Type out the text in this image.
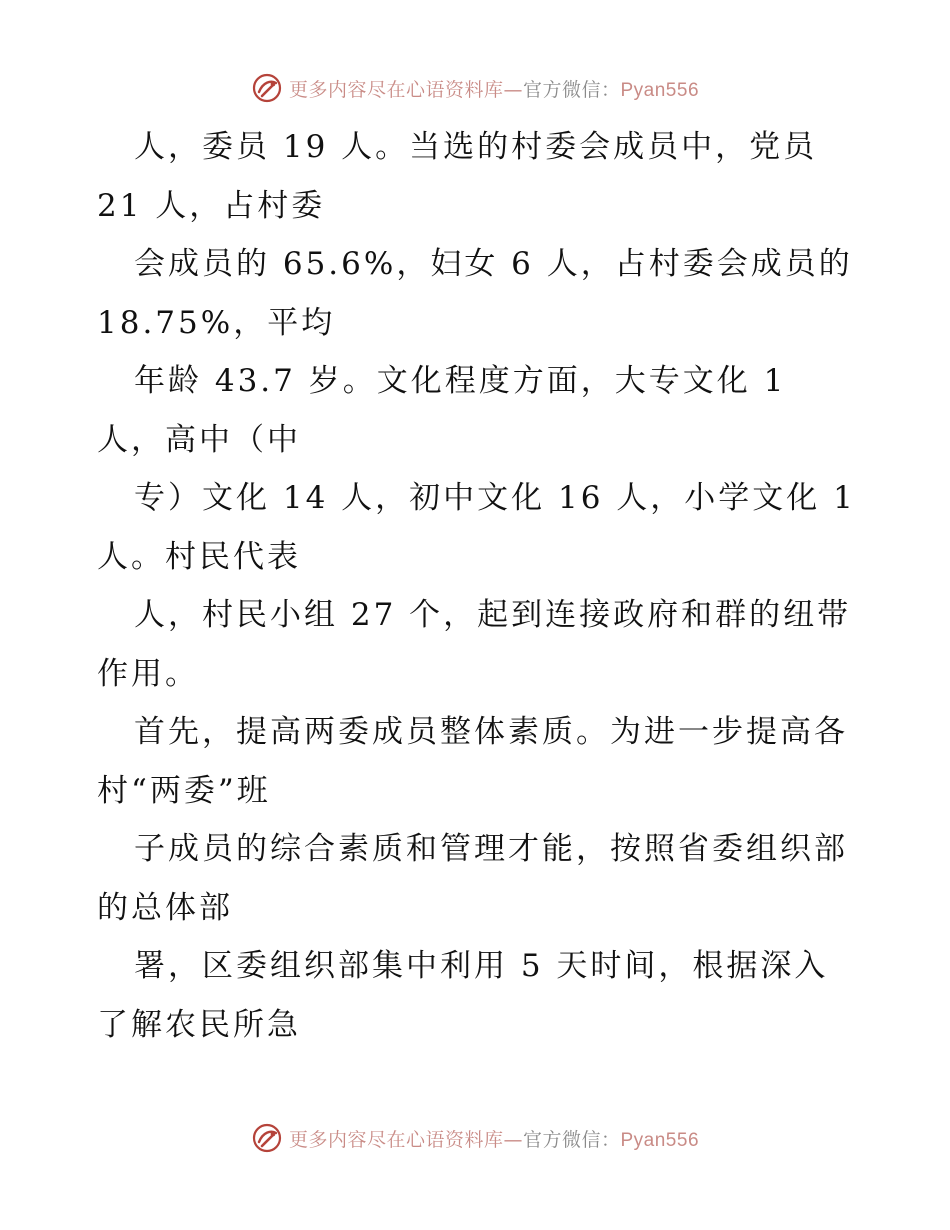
更多内容尽在心语资料库—官方微信：Pyan556
人，委员 19 人。当选的村委会成员中，党员
21 人，占村委
会成员的 65.6%，妇女 6 人，占村委会成员的
18.75%，平均
年龄 43.7 岁。文化程度方面，大专文化 1
人，高中（中
专）文化 14 人，初中文化 16 人，小学文化 1
人。村民代表
人，村民小组 27 个，起到连接政府和群的纽带
作用。
首先，提高两委成员整体素质。为进一步提高各
村“两委”班
子成员的综合素质和管理才能，按照省委组织部
的总体部
署，区委组织部集中利用 5 天时间，根据深入
了解农民所急
更多内容尽在心语资料库—官方微信：Pyan556
